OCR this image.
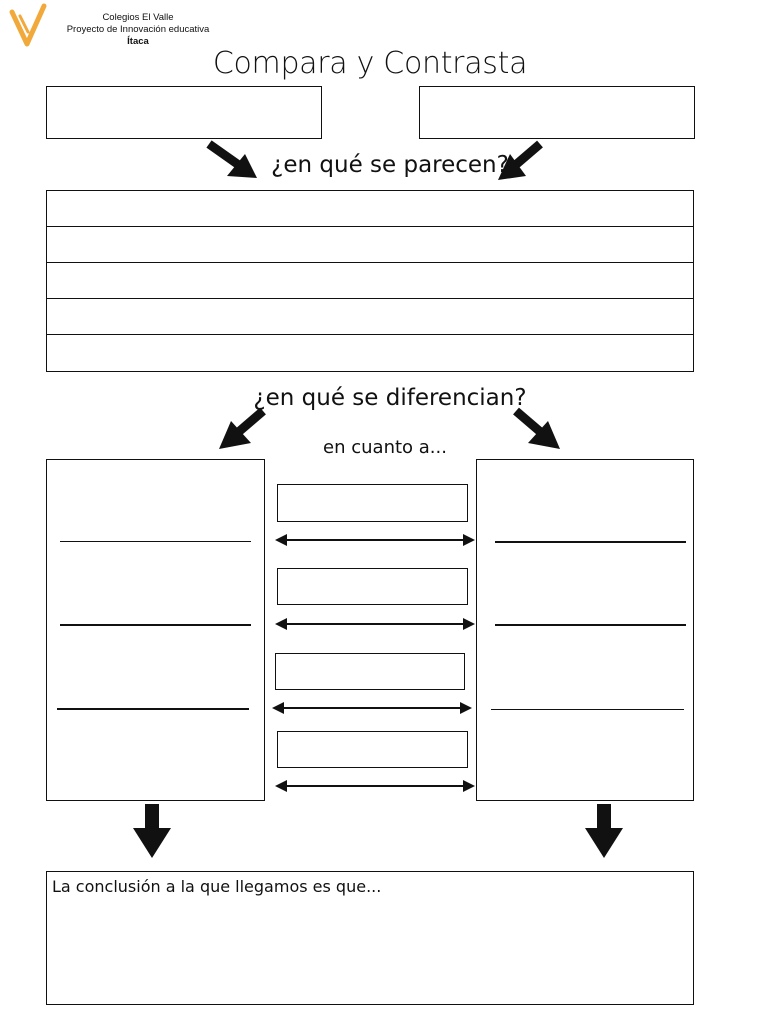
Colegios El Valle
Proyecto de Innovación educativa
Ítaca
Compara y Contrasta
¿en qué se parecen?
¿en qué se diferencian?
en cuanto a...
La conclusión a la que llegamos es que...
